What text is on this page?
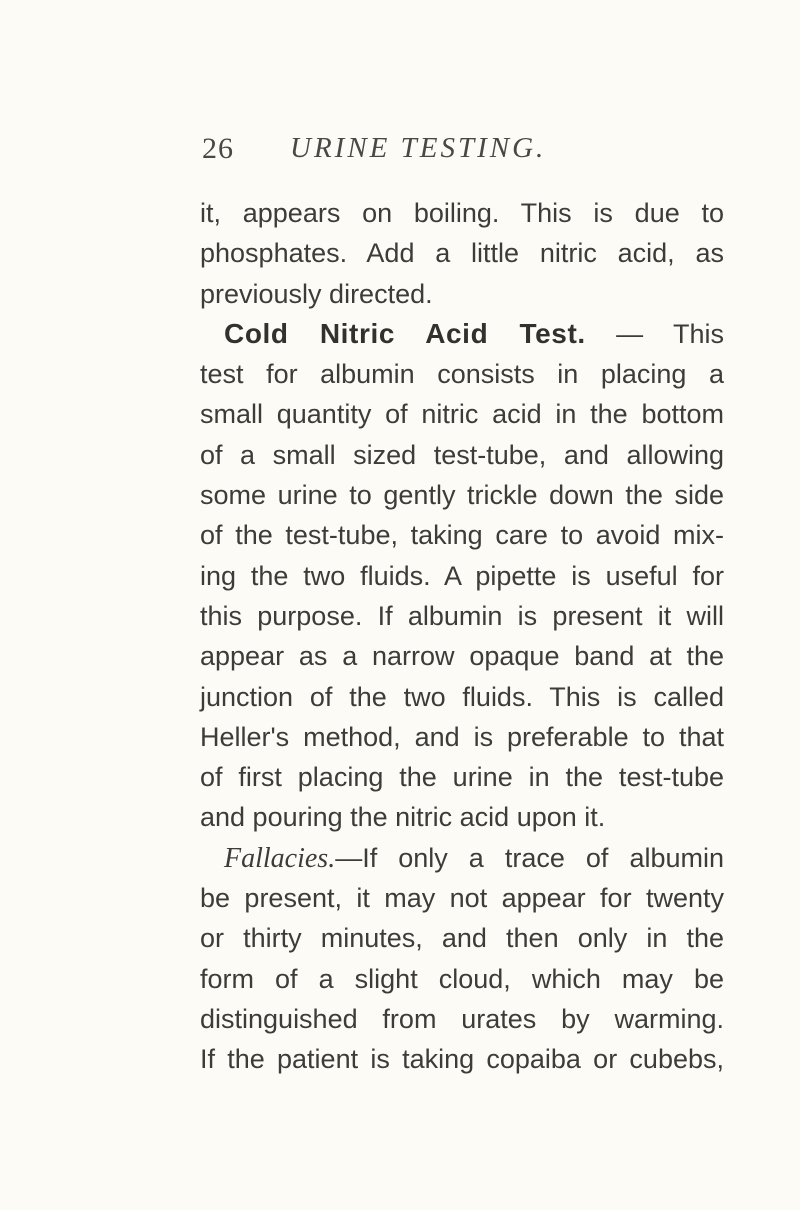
26 URINE TESTING.
it, appears on boiling. This is due to
phosphates. Add a little nitric acid, as
previously directed.
Cold Nitric Acid Test. — This
test for albumin consists in placing a
small quantity of nitric acid in the bottom
of a small sized test-tube, and allowing
some urine to gently trickle down the side
of the test-tube, taking care to avoid mix-
ing the two fluids. A pipette is useful for
this purpose. If albumin is present it will
appear as a narrow opaque band at the
junction of the two fluids. This is called
Heller's method, and is preferable to that
of first placing the urine in the test-tube
and pouring the nitric acid upon it.
Fallacies.—If only a trace of albumin
be present, it may not appear for twenty
or thirty minutes, and then only in the
form of a slight cloud, which may be
distinguished from urates by warming.
If the patient is taking copaiba or cubebs,
